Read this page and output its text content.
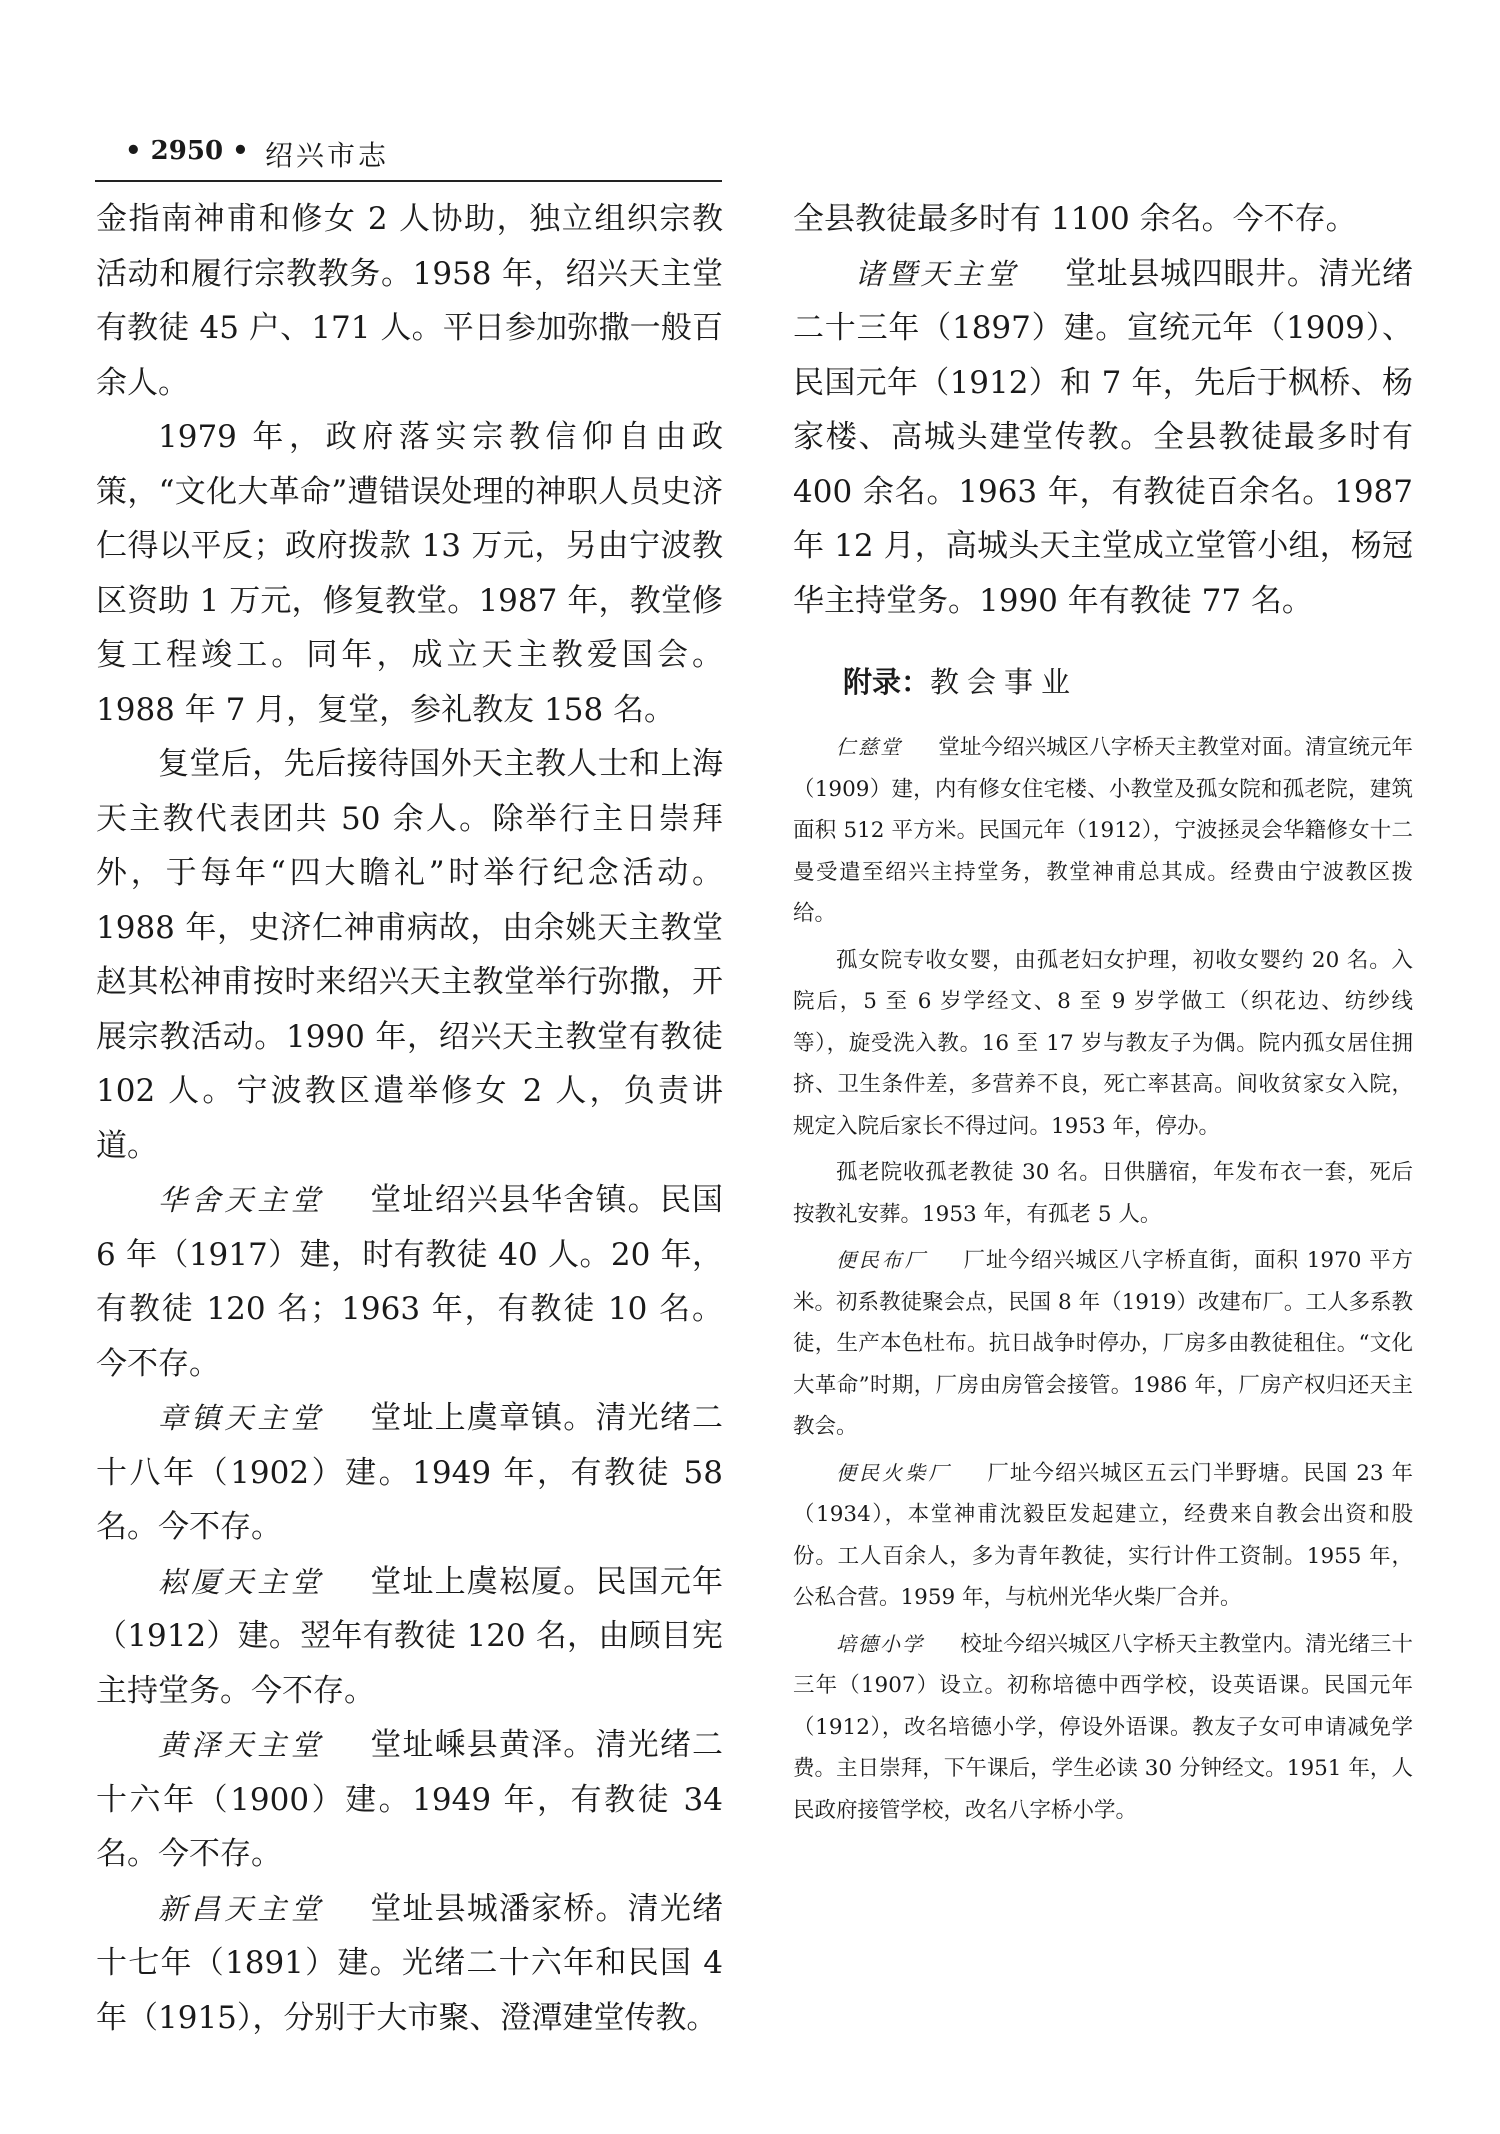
• 2950 • 绍兴市志

金指南神甫和修女 2 人协助，独立组织宗教活动和履行宗教教务。1958 年，绍兴天主堂有教徒 45 户、171 人。平日参加弥撒一般百余人。

1979 年，政府落实宗教信仰自由政策，“文化大革命”遭错误处理的神职人员史济仁得以平反；政府拨款 13 万元，另由宁波教区资助 1 万元，修复教堂。1987 年，教堂修复工程竣工。同年，成立天主教爱国会。1988 年 7 月，复堂，参礼教友 158 名。

复堂后，先后接待国外天主教人士和上海天主教代表团共 50 余人。除举行主日崇拜外，于每年“四大瞻礼”时举行纪念活动。1988 年，史济仁神甫病故，由余姚天主教堂赵其松神甫按时来绍兴天主教堂举行弥撒，开展宗教活动。1990 年，绍兴天主教堂有教徒 102 人。宁波教区遣举修女 2 人，负责讲道。

华舍天主堂 堂址绍兴县华舍镇。民国 6 年（1917）建，时有教徒 40 人。20 年，有教徒 120 名；1963 年，有教徒 10 名。今不存。

章镇天主堂 堂址上虞章镇。清光绪二十八年（1902）建。1949 年，有教徒 58 名。今不存。

崧厦天主堂 堂址上虞崧厦。民国元年（1912）建。翌年有教徒 120 名，由顾目宪主持堂务。今不存。

黄泽天主堂 堂址嵊县黄泽。清光绪二十六年（1900）建。1949 年，有教徒 34 名。今不存。

新昌天主堂 堂址县城潘家桥。清光绪十七年（1891）建。光绪二十六年和民国 4 年（1915），分别于大市聚、澄潭建堂传教。

全县教徒最多时有 1100 余名。今不存。

诸暨天主堂 堂址县城四眼井。清光绪二十三年（1897）建。宣统元年（1909）、民国元年（1912）和 7 年，先后于枫桥、杨家楼、高城头建堂传教。全县教徒最多时有 400 余名。1963 年，有教徒百余名。1987 年 12 月，高城头天主堂成立堂管小组，杨冠华主持堂务。1990 年有教徒 77 名。

附录：教会事业

仁慈堂 堂址今绍兴城区八字桥天主教堂对面。清宣统元年（1909）建，内有修女住宅楼、小教堂及孤女院和孤老院，建筑面积 512 平方米。民国元年（1912），宁波拯灵会华籍修女十二曼受遣至绍兴主持堂务，教堂神甫总其成。经费由宁波教区拨给。

孤女院专收女婴，由孤老妇女护理，初收女婴约 20 名。入院后，5 至 6 岁学经文、8 至 9 岁学做工（织花边、纺纱线等），旋受洗入教。16 至 17 岁与教友子为偶。院内孤女居住拥挤、卫生条件差，多营养不良，死亡率甚高。间收贫家女入院，规定入院后家长不得过问。1953 年，停办。

孤老院收孤老教徒 30 名。日供膳宿，年发布衣一套，死后按教礼安葬。1953 年，有孤老 5 人。

便民布厂 厂址今绍兴城区八字桥直街，面积 1970 平方米。初系教徒聚会点，民国 8 年（1919）改建布厂。工人多系教徒，生产本色杜布。抗日战争时停办，厂房多由教徒租住。“文化大革命”时期，厂房由房管会接管。1986 年，厂房产权归还天主教会。

便民火柴厂 厂址今绍兴城区五云门半野塘。民国 23 年（1934），本堂神甫沈毅臣发起建立，经费来自教会出资和股份。工人百余人，多为青年教徒，实行计件工资制。1955 年，公私合营。1959 年，与杭州光华火柴厂合并。

培德小学 校址今绍兴城区八字桥天主教堂内。清光绪三十三年（1907）设立。初称培德中西学校，设英语课。民国元年（1912），改名培德小学，停设外语课。教友子女可申请减免学费。主日崇拜，下午课后，学生必读 30 分钟经文。1951 年，人民政府接管学校，改名八字桥小学。
